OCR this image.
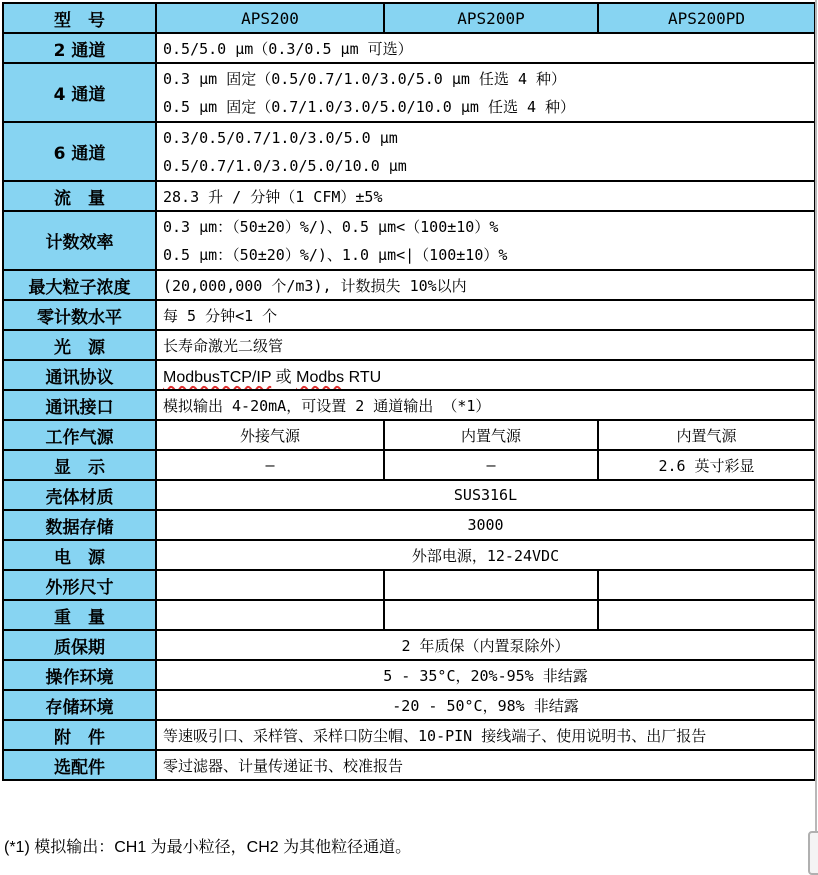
型　号	APS200	APS200P	APS200PD
2 通道	0.5/5.0 μm（0.3/0.5 μm 可选）		
4 通道	0.3 μm 固定（0.5/0.7/1.0/3.0/5.0 μm 任选 4 种）
0.5 μm 固定（0.7/1.0/3.0/5.0/10.0 μm 任选 4 种）		

6 通道	0.3/0.5/0.7/1.0/3.0/5.0 μm
0.5/0.7/1.0/3.0/5.0/10.0 μm		

流　量	28.3 升 / 分钟（1 CFM）±5%		
计数效率	0.3 μm：（50±20）%/)、0.5 μm<（100±10）%
0.5 μm：（50±20）%/)、1.0 μm<|（100±10）%		

最大粒子浓度	(20,000,000 个/m3), 计数损失 10%以内		
零计数水平	每 5 分钟<1 个		
光　源	长寿命激光二级管		
通讯协议	ModbusTCP/IP 或 Modbs RTU		
通讯接口	模拟输出 4-20mA，可设置 2 通道输出 （*1）		
工作气源	外接气源	内置气源	内置气源
显　示	–	–	2.6 英寸彩显
壳体材质	SUS316L		
数据存储	3000		
电　源	外部电源，12-24VDC		
外形尺寸			
重　量			
质保期	2 年质保（内置泵除外）		
操作环境	5 - 35°C，20%-95% 非结露		
存储环境	-20 - 50°C，98% 非结露		
附　件	等速吸引口、采样管、采样口防尘帽、10-PIN 接线端子、使用说明书、出厂报告		
选配件	零过滤器、计量传递证书、校准报告		
(*1) 模拟输出：CH1 为最小粒径，CH2 为其他粒径通道。
